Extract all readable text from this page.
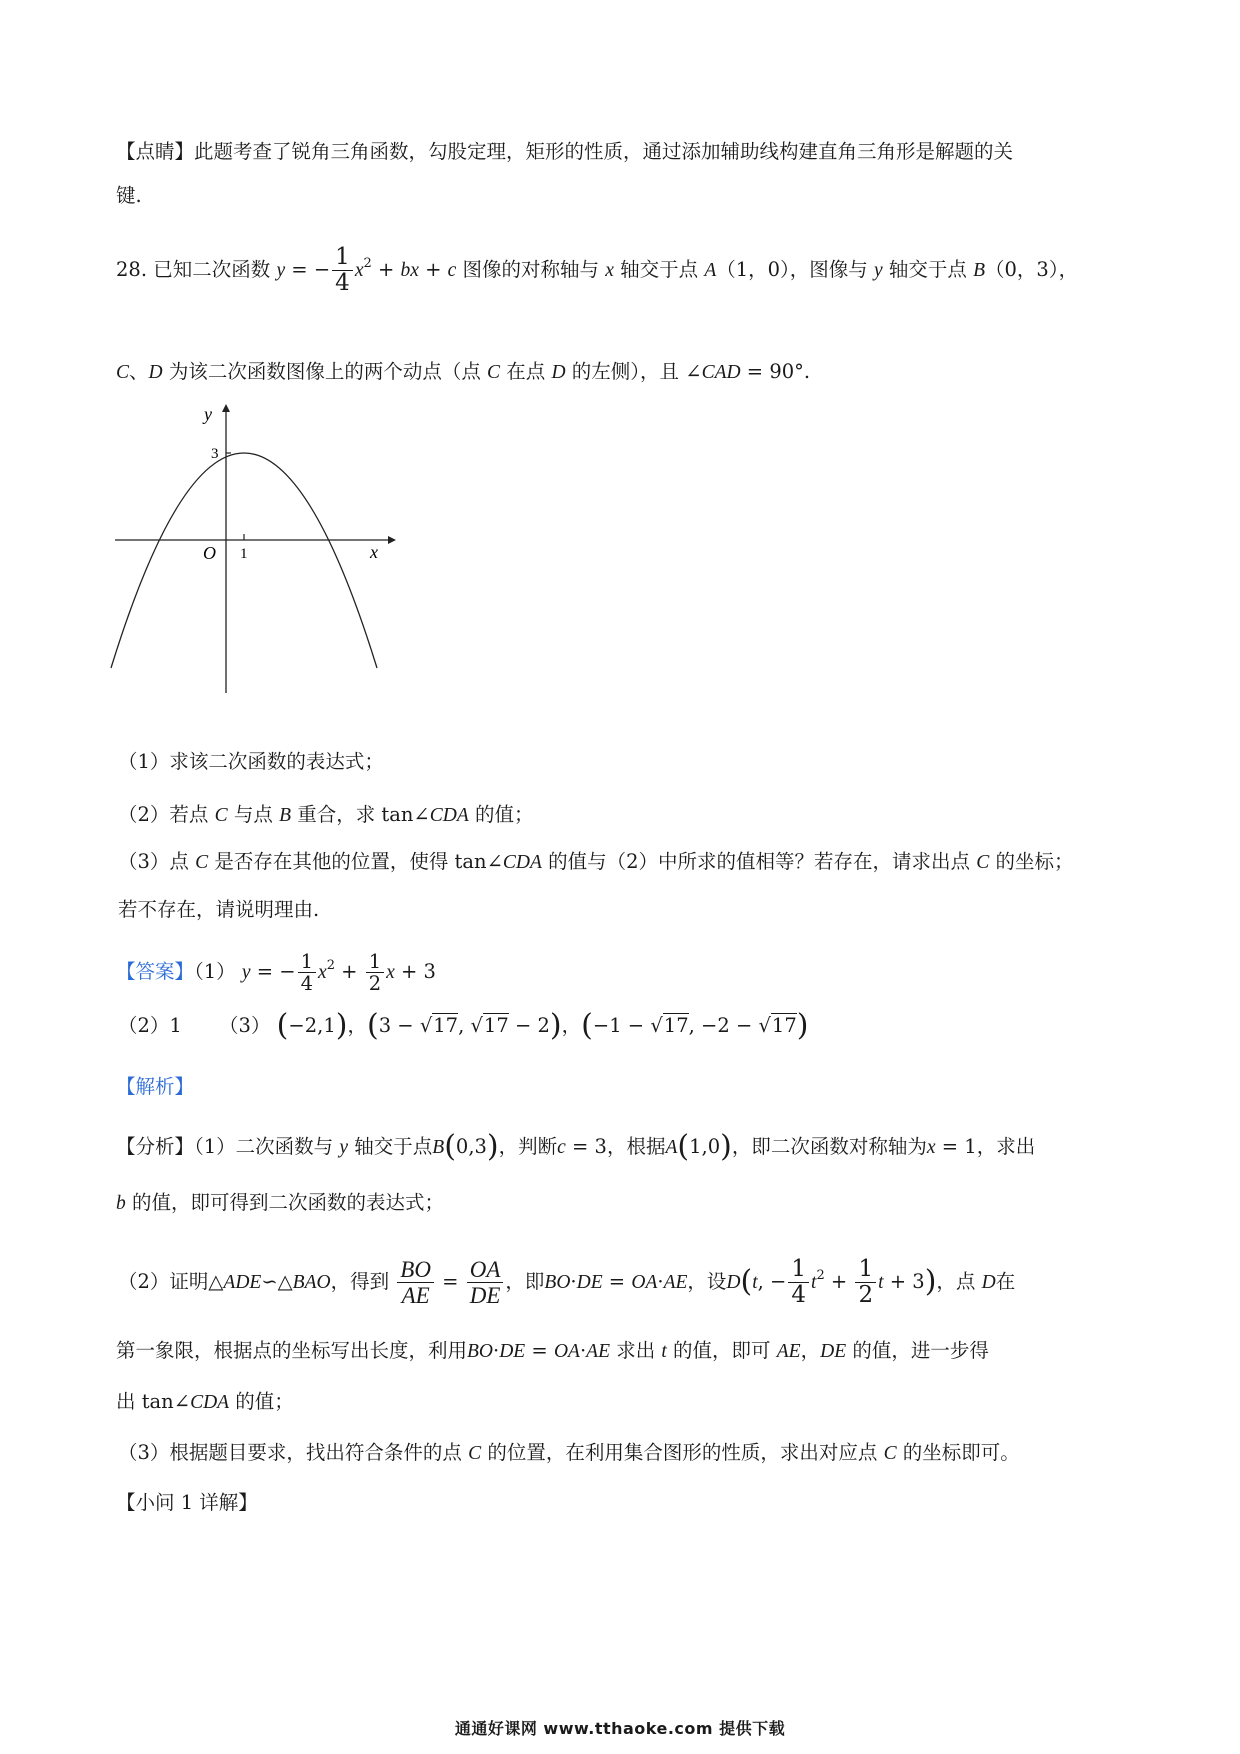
【点睛】此题考查了锐角三角函数，勾股定理，矩形的性质，通过添加辅助线构建直角三角形是解题的关
键.
28. 已知二次函数 y = − $\frac{1}{4} x^2$ + bx + c 图像的对称轴与 x 轴交于点 A（1，0），图像与 y 轴交于点 B（0，3），
C、D 为该二次函数图像上的两个动点（点 C 在点 D 的左侧），且 ∠CAD = 90°.
y
x
O
3
1
（1）求该二次函数的表达式；
（2）若点 C 与点 B 重合，求 tan∠CDA 的值；
（3）点 C 是否存在其他的位置，使得 tan∠CDA 的值与（2）中所求的值相等？若存在，请求出点 C 的坐标；
若不存在，请说明理由.
【答案】（1） y = − $\frac{1}{4} x^2 + \frac{1}{2}$ x + 3
（2）1 （3） (−2,1)，(3 − √17, √17 − 2)，(−1 − √17, −2 − √17)
【解析】
【分析】（1）二次函数与 y 轴交于点B(0,3)，判断c = 3，根据A(1,0)，即二次函数对称轴为x = 1，求出
b 的值，即可得到二次函数的表达式；
（2）证明△ADE∽△BAO，得到 $\frac{BO}{AE} = \frac{OA}{DE}$ ，即BO·DE = OA·AE，设D(t, − $\frac{1}{4} t^2 + \frac{1}{2}$ t + 3)，点 D在
第一象限，根据点的坐标写出长度，利用BO·DE = OA·AE 求出 t 的值，即可 AE，DE 的值，进一步得
出 tan∠CDA 的值；
（3）根据题目要求，找出符合条件的点 C 的位置，在利用集合图形的性质，求出对应点 C 的坐标即可。
【小问 1 详解】
通通好课网 www.tthaoke.com 提供下载
